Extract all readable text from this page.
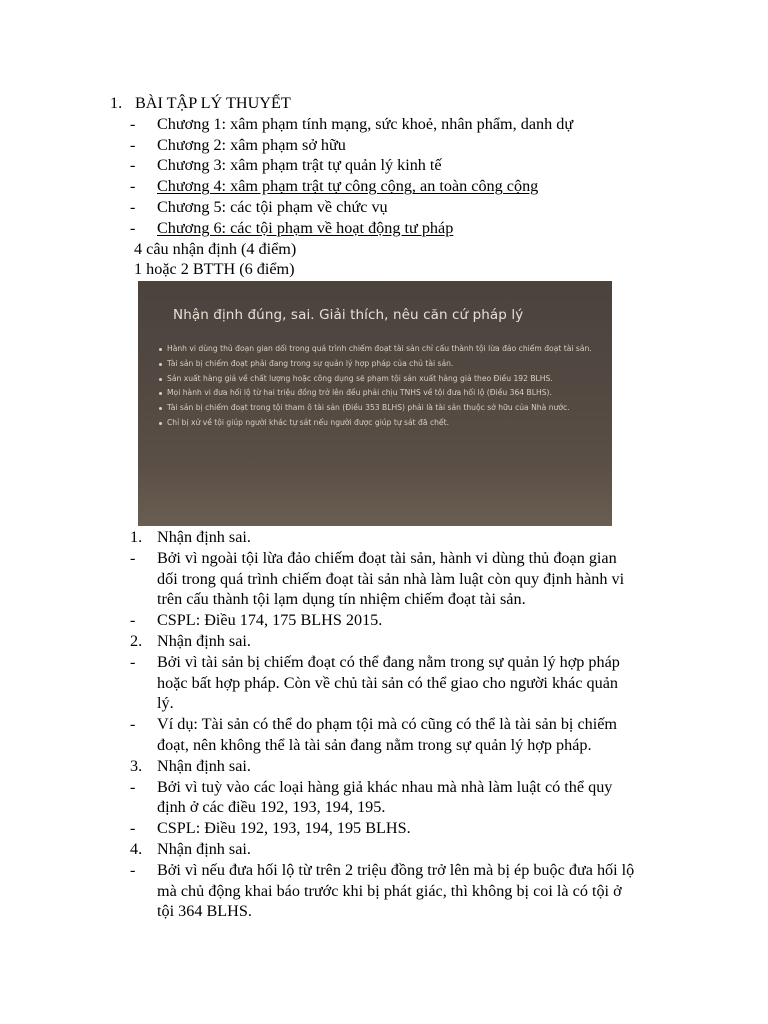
1. BÀI TẬP LÝ THUYẾT
- Chương 1: xâm phạm tính mạng, sức khoẻ, nhân phẩm, danh dự
- Chương 2: xâm phạm sở hữu
- Chương 3: xâm phạm trật tự quản lý kinh tế
- Chương 4: xâm phạm trật tự công cộng, an toàn công cộng
- Chương 5: các tội phạm về chức vụ
- Chương 6: các tội phạm về hoạt động tư pháp
4 câu nhận định (4 điểm)
1 hoặc 2 BTTH (6 điểm)
Nhận định đúng, sai. Giải thích, nêu căn cứ pháp lý
Hành vi dùng thủ đoạn gian dối trong quá trình chiếm đoạt tài sản chỉ cấu thành tội lừa đảo chiếm đoạt tài sản.
Tài sản bị chiếm đoạt phải đang trong sự quản lý hợp pháp của chủ tài sản.
Sản xuất hàng giả về chất lượng hoặc công dụng sẽ phạm tội sản xuất hàng giả theo Điều 192 BLHS.
Mọi hành vi đưa hối lộ từ hai triệu đồng trở lên đều phải chịu TNHS về tội đưa hối lộ (Điều 364 BLHS).
Tài sản bị chiếm đoạt trong tội tham ô tài sản (Điều 353 BLHS) phải là tài sản thuộc sở hữu của Nhà nước.
Chỉ bị xử về tội giúp người khác tự sát nếu người được giúp tự sát đã chết.
1. Nhận định sai.
- Bởi vì ngoài tội lừa đảo chiếm đoạt tài sản, hành vi dùng thủ đoạn gian
dối trong quá trình chiếm đoạt tài sản nhà làm luật còn quy định hành vi
trên cấu thành tội lạm dụng tín nhiệm chiếm đoạt tài sản.
- CSPL: Điều 174, 175 BLHS 2015.
2. Nhận định sai.
- Bởi vì tài sản bị chiếm đoạt có thể đang nằm trong sự quản lý hợp pháp
hoặc bất hợp pháp. Còn về chủ tài sản có thể giao cho người khác quản
lý.
- Ví dụ: Tài sản có thể do phạm tội mà có cũng có thể là tài sản bị chiếm
đoạt, nên không thể là tài sản đang nằm trong sự quản lý hợp pháp.
3. Nhận định sai.
- Bởi vì tuỳ vào các loại hàng giả khác nhau mà nhà làm luật có thể quy
định ở các điều 192, 193, 194, 195.
- CSPL: Điều 192, 193, 194, 195 BLHS.
4. Nhận định sai.
- Bởi vì nếu đưa hối lộ từ trên 2 triệu đồng trở lên mà bị ép buộc đưa hối lộ
mà chủ động khai báo trước khi bị phát giác, thì không bị coi là có tội ở
tội 364 BLHS.
